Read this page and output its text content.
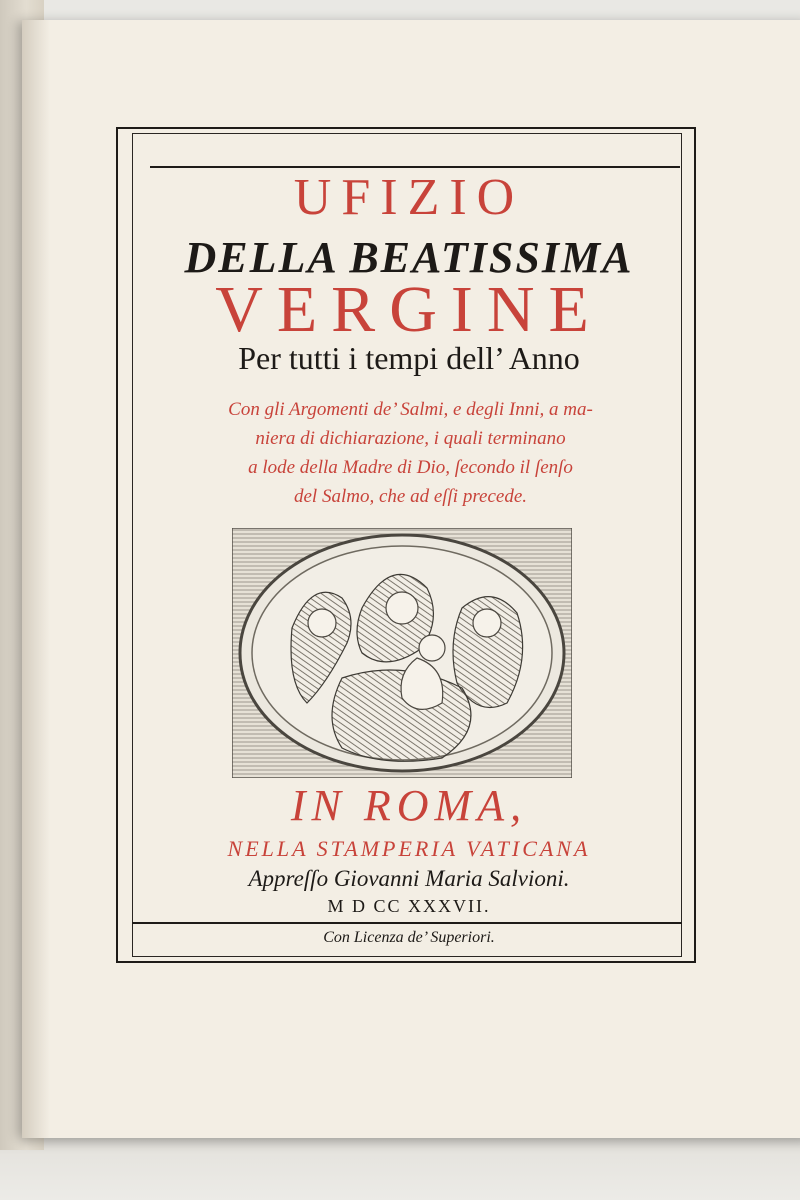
UFIZIO
DELLA BEATISSIMA
VERGINE
Per tutti i tempi dell’ Anno
Con gli Argomenti de’ Salmi, e degli Inni, a ma-
niera di dichiarazione, i quali terminano
a lode della Madre di Dio, ſecondo il ſenſo
del Salmo, che ad eſſi precede.
IN ROMA,
NELLA STAMPERIA VATICANA
Appreſſo Giovanni Maria Salvioni.
M D CC XXXVII.
Con Licenza de’ Superiori.
